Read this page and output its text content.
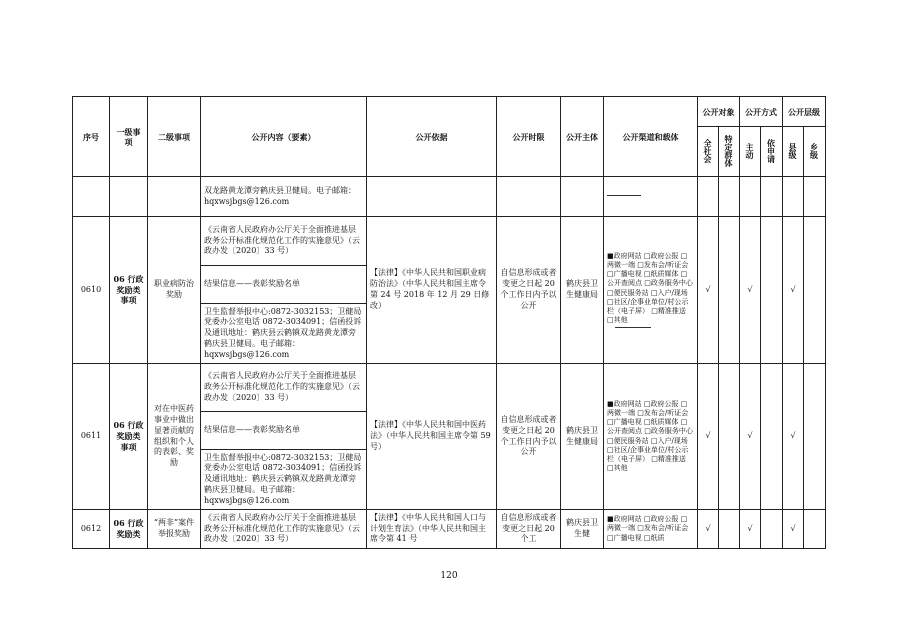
序号	一级事项	二级事项	公开内容（要素）	公开依据	公开时限	公开主体	公开渠道和载体	公开对象		公开方式		公开层级	
								全社会	特定群体	主动	依申请	县级	乡级
			双龙路黄龙潭旁鹤庆县卫健局。电子邮箱：hqxwsjbgs@126.com										
0610	06 行政奖励类事项	职业病防治奖励	《云南省人民政府办公厅关于全面推进基层政务公开标准化规范化工作的实施意见》（云政办发〔2020〕33 号）	【法律】《中华人民共和国职业病防治法》（中华人民共和国主席令第 24 号 2018 年 12 月 29 日修改）	自信息形成或者变更之日起 20 个工作日内予以公开	鹤庆县卫生健康局	■政府网站 □政府公报 □两微一端 □发布会/听证会 □广播电视 □纸质媒体 □公开查阅点 □政务服务中心 □便民服务站 □入户/现场 □社区/企事业单位/村公示栏（电子屏） □精准推送 □其他	√		√		√	
			结果信息——表彰奖励名单										
			卫生监督举报中心:0872-3032153；卫健局党委办公室电话 0872-3034091；信函投诉及通讯地址：鹤庆县云鹤镇双龙路黄龙潭旁鹤庆县卫健局。电子邮箱：hqxwsjbgs@126.com										
0611	06 行政奖励类事项	对在中医药事业中做出显著贡献的组织和个人的表彰、奖励	《云南省人民政府办公厅关于全面推进基层政务公开标准化规范化工作的实施意见》（云政办发〔2020〕33 号）	【法律】《中华人民共和国中医药法》（中华人民共和国主席令第 59 号）	自信息形成或者变更之日起 20 个工作日内予以公开	鹤庆县卫生健康局	■政府网站 □政府公报 □两微一端 □发布会/听证会 □广播电视 □纸质媒体 □公开查阅点 □政务服务中心 □便民服务站 □入户/现场 □社区/企事业单位/村公示栏（电子屏） □精准推送 □其他	√		√		√	
			结果信息——表彰奖励名单										
			卫生监督举报中心:0872-3032153；卫健局党委办公室电话 0872-3034091；信函投诉及通讯地址：鹤庆县云鹤镇双龙路黄龙潭旁鹤庆县卫健局。电子邮箱：hqxwsjbgs@126.com										
0612	06 行政奖励类	“两非”案件举报奖励	《云南省人民政府办公厅关于全面推进基层政务公开标准化规范化工作的实施意见》（云政办发〔2020〕33 号）	【法律】《中华人民共和国人口与计划生育法》（中华人民共和国主席令第 41 号	自信息形成或者变更之日起 20 个工	鹤庆县卫生健	■政府网站 □政府公报 □两微一端 □发布会/听证会 □广播电视 □纸质	√		√		√	
120
